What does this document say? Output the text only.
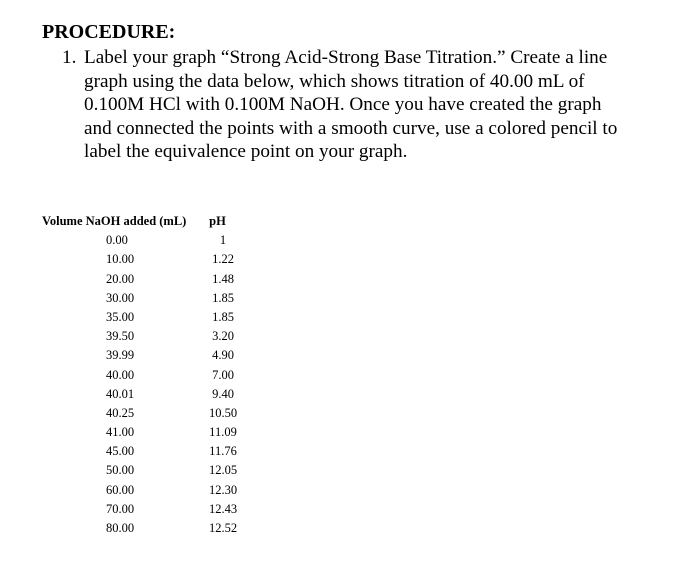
PROCEDURE:
1. Label your graph “Strong Acid-Strong Base Titration.” Create a line
graph using the data below, which shows titration of 40.00 mL of
0.100M HCl with 0.100M NaOH. Once you have created the graph
and connected the points with a smooth curve, use a colored pencil to
label the equivalence point on your graph.
Volume NaOH added (mL) pH
0.00	1
10.00	1.22
20.00	1.48
30.00	1.85
35.00	1.85
39.50	3.20
39.99	4.90
40.00	7.00
40.01	9.40
40.25	10.50
41.00	11.09
45.00	11.76
50.00	12.05
60.00	12.30
70.00	12.43
80.00	12.52
